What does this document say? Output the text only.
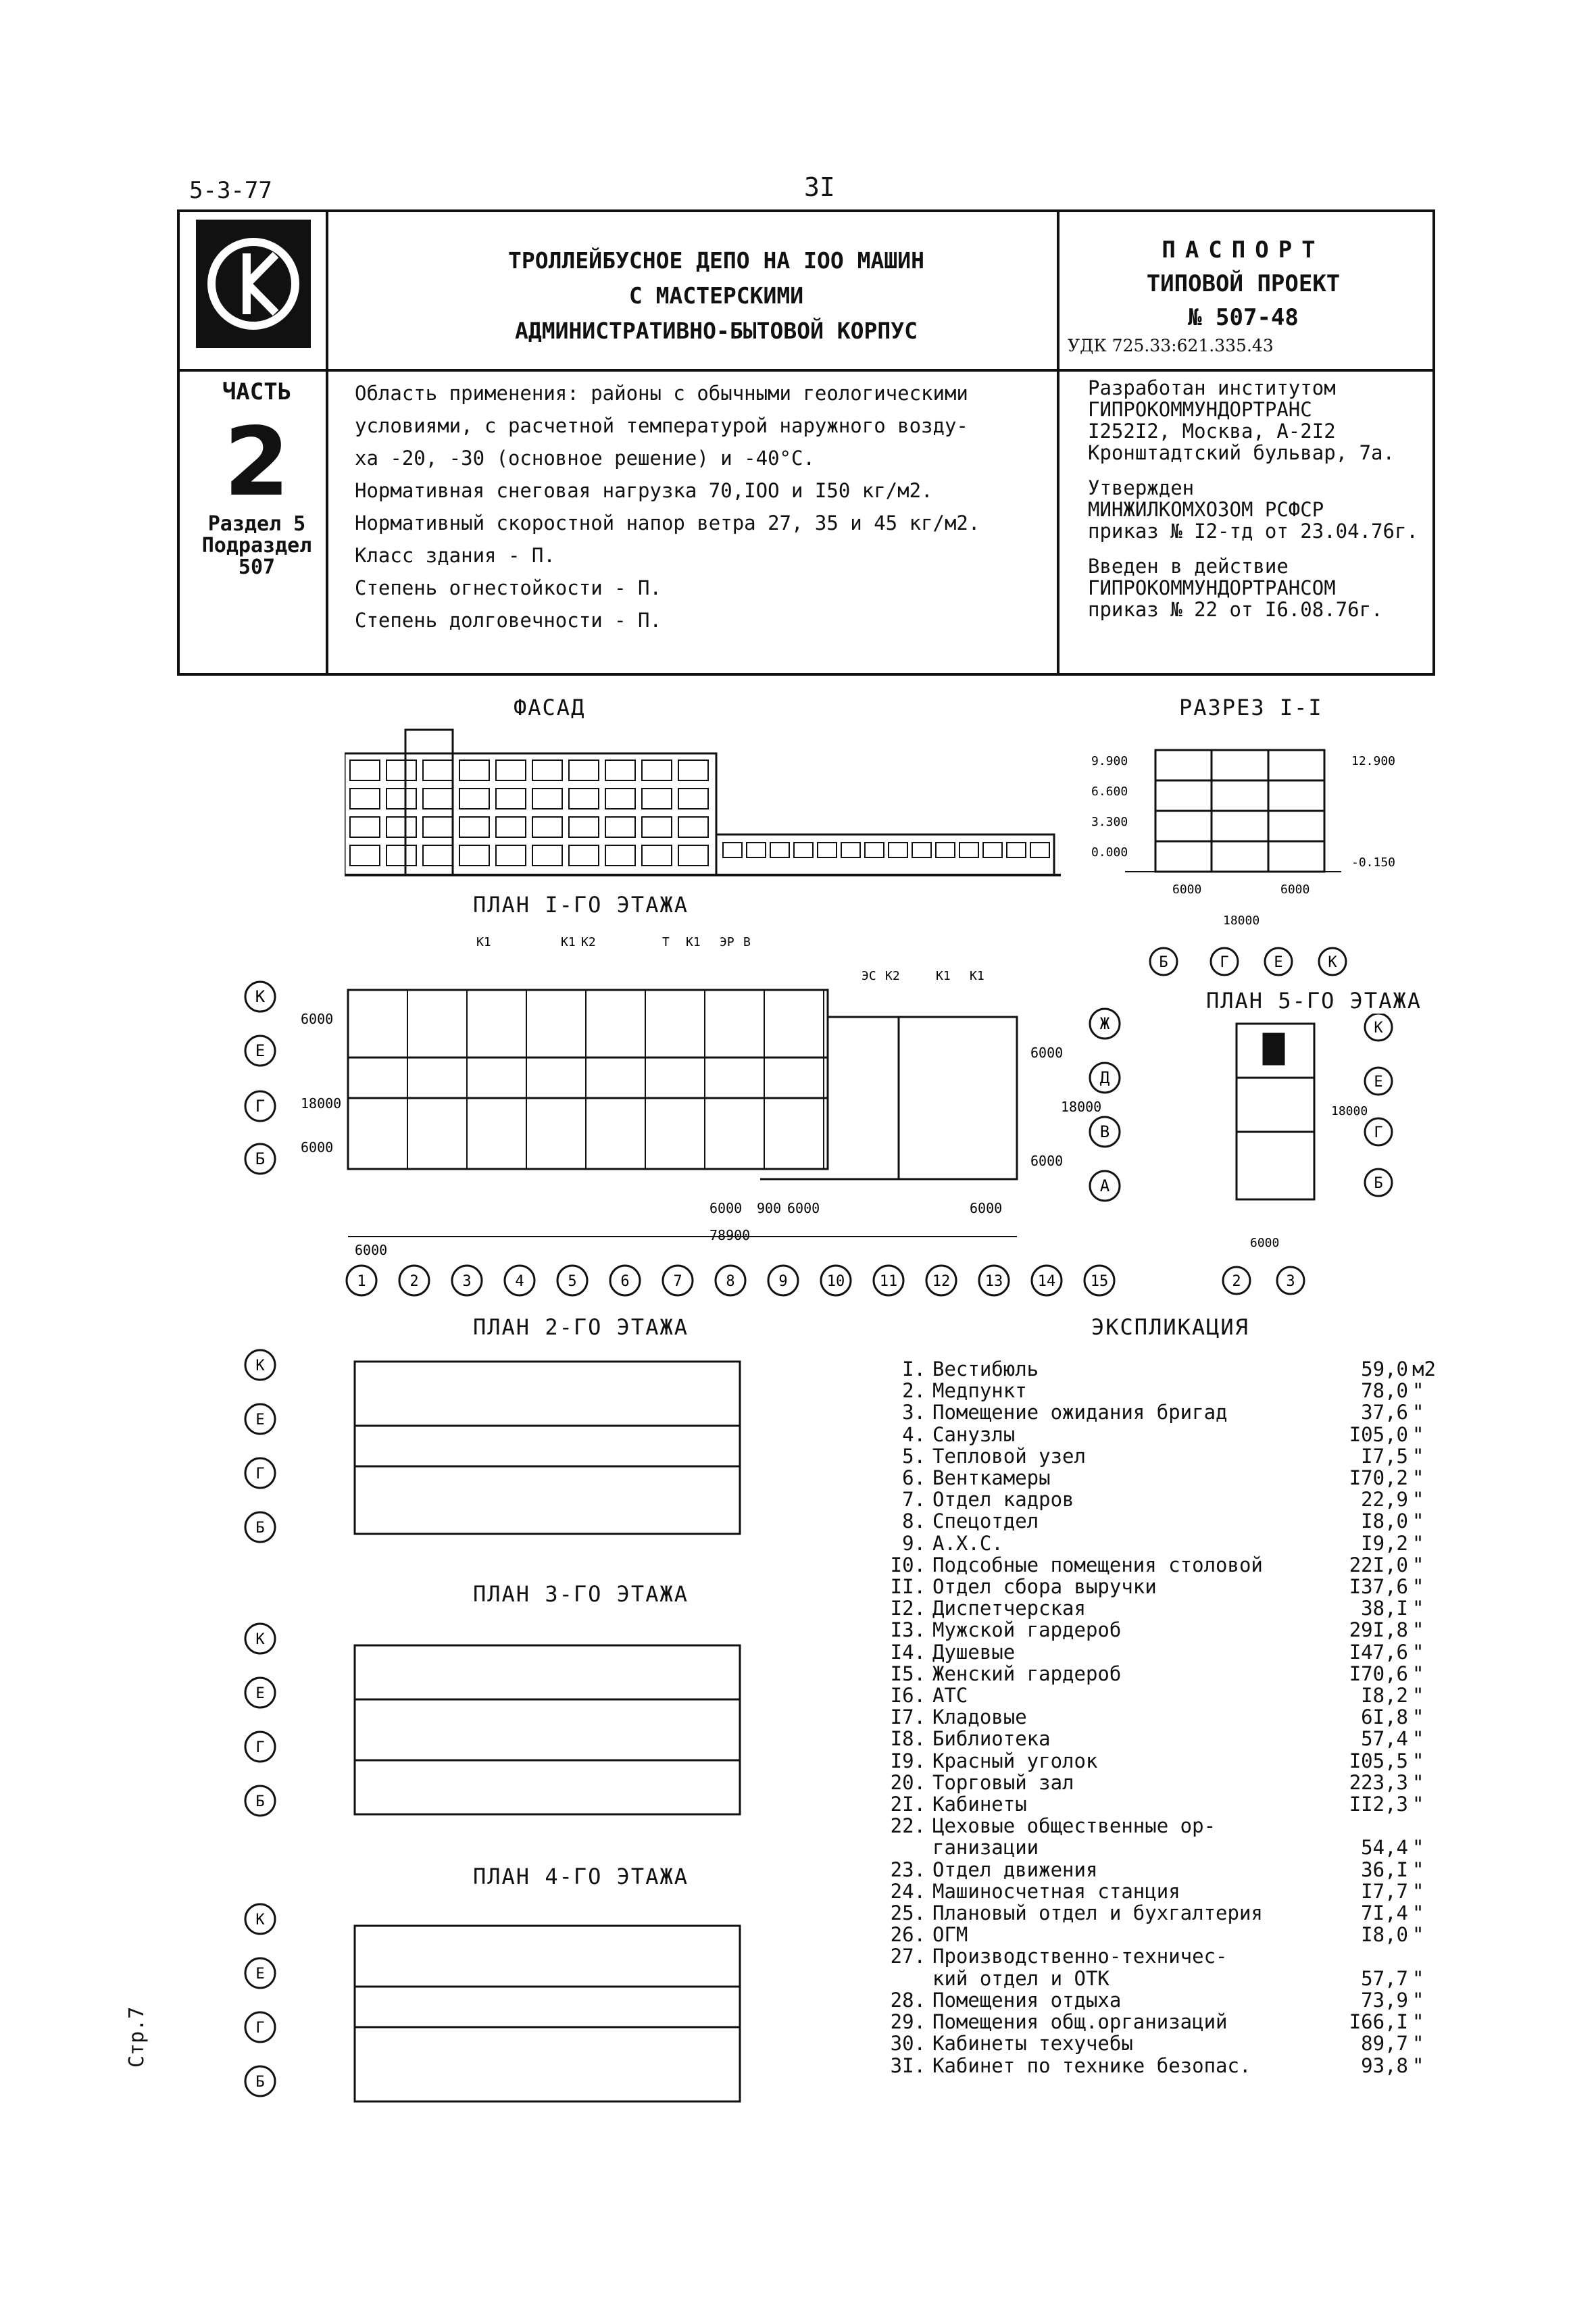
5-3-77	3I
ТРОЛЛЕЙБУСНОЕ ДЕПО НА IOO МАШИН
С МАСТЕРСКИМИ
АДМИНИСТРАТИВНО-БЫТОВОЙ КОРПУС
ПАСПОРТ
ТИПОВОЙ ПРОЕКТ
№ 507-48
УДК 725.33:621.335.43
ЧАСТЬ
2
Раздел 5
Подраздел
507
Область применения: районы с обычными геологическими
условиями, с расчетной температурой наружного возду-
ха -20, -30 (основное решение) и -40°С.
Нормативная снеговая нагрузка 70,IOO и I50 кг/м2.
Нормативный скоростной напор ветра 27, 35 и 45 кг/м2.
Класс здания - П.
Степень огнестойкости - П.
Степень долговечности - П.
Разработан институтом
ГИПРОКОММУНДОРТРАНС
I252I2, Москва, А-2I2
Кронштадтский бульвар, 7а.
Утвержден
МИНЖИЛКОМХОЗОМ РСФСР
приказ № I2-тд от 23.04.76г.
Введен в действие
ГИПРОКОММУНДОРТРАНСОМ
приказ № 22 от I6.08.76г.
ФАСАД	РАЗРЕЗ I-I
ПЛАН I-ГО ЭТАЖА
ПЛАН 5-ГО ЭТАЖА
ПЛАН 2-ГО ЭТАЖА
ПЛАН 3-ГО ЭТАЖА
ПЛАН 4-ГО ЭТАЖА
9.900
6.600
3.300
0.000
12.900
-0.150
6000	6000
18000
Б	Г	Е	К
6000
18000
6000
6000
6000 900 6000
78900
6000
18000
6000
6000
К1	К1 К2	Т К1 ЭР В
ЭС К2	К1 К1
К
Е
Г
Б
Ж
Д
В
А
1	2	3	4	5	6	7	8	9	10 11 12 13 14 15
К
Е
Г
Б
2	3
18000
6000
К
Е
Г
Б
К
Е
Г
Б
К
Е
Г
Б
ЭКСПЛИКАЦИЯ
I. Вестибюль	59,0 м2
2. Медпункт	78,0 "
3. Помещение ожидания бригад	37,6 "
4. Санузлы	I05,0 "
5. Тепловой узел	I7,5 "
6. Венткамеры	I70,2 "
7. Отдел кадров	22,9 "
8. Спецотдел	I8,0 "
9. А.Х.С.	I9,2 "
I0. Подсобные помещения столовой	22I,0 "
II. Отдел сбора выручки	I37,6 "
I2. Диспетчерская	38,I "
I3. Мужской гардероб	29I,8 "
I4. Душевые	I47,6 "
I5. Женский гардероб	I70,6 "
I6. АТС	I8,2 "
I7. Кладовые	6I,8 "
I8. Библиотека	57,4 "
I9. Красный уголок	I05,5 "
20. Торговый зал	223,3 "
2I. Кабинеты	II2,3 "
22. Цеховые общественные ор-
ганизации	54,4 "
23. Отдел движения	36,I "
24. Машиносчетная станция	I7,7 "
25. Плановый отдел и бухгалтерия	7I,4 "
26. ОГМ	I8,0 "
27. Производственно-техничес-
кий отдел и ОТК	57,7 "
28. Помещения отдыха	73,9 "
29. Помещения общ.организаций	I66,I "
30. Кабинеты техучебы	89,7 "
3I. Кабинет по технике безопас.	93,8 "
Стр.7
